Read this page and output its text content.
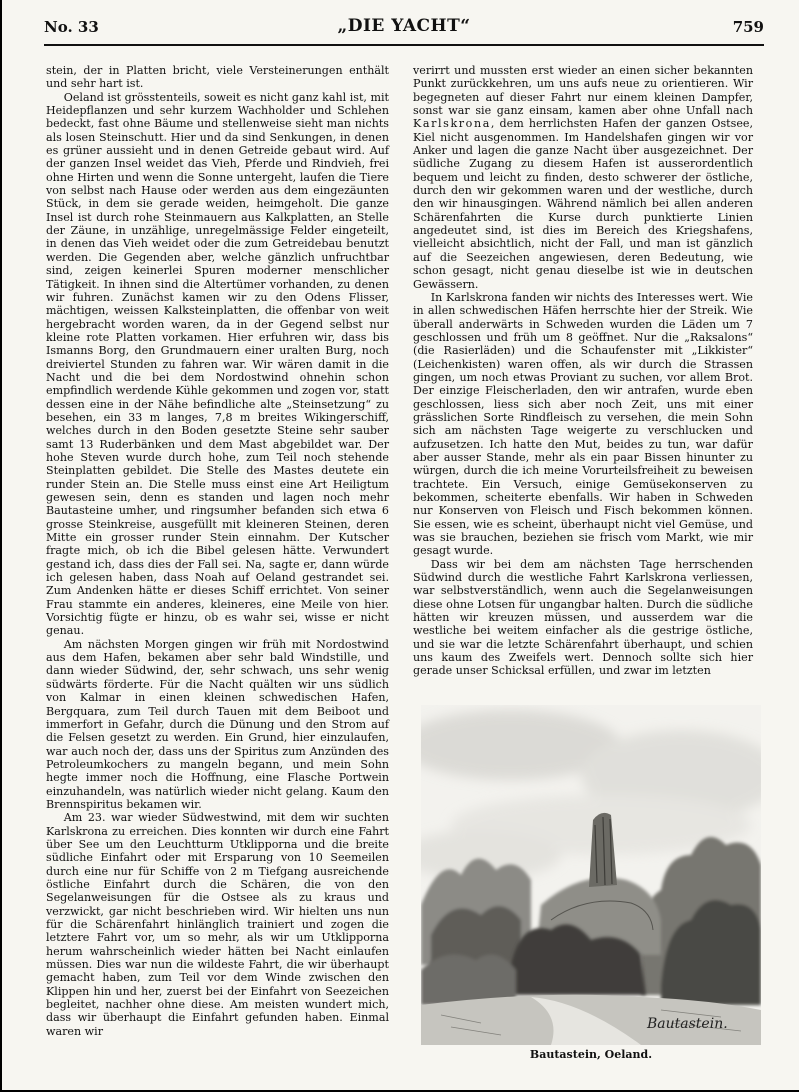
No. 33	„DIE YACHT“	759

stein, der in Platten bricht, viele Versteinerungen enthält und sehr hart ist.

Oeland ist grösstenteils, soweit es nicht ganz kahl ist, mit Heidepflanzen und sehr kurzem Wachholder und Schlehen bedeckt, fast ohne Bäume und stellenweise sieht man nichts als losen Steinschutt. Hier und da sind Senkungen, in denen es grüner aussieht und in denen Getreide gebaut wird. Auf der ganzen Insel weidet das Vieh, Pferde und Rindvieh, frei ohne Hirten und wenn die Sonne untergeht, laufen die Tiere von selbst nach Hause oder werden aus dem eingezäunten Stück, in dem sie gerade weiden, heimgeholt. Die ganze Insel ist durch rohe Steinmauern aus Kalkplatten, an Stelle der Zäune, in unzählige, unregelmässige Felder eingeteilt, in denen das Vieh weidet oder die zum Getreidebau benutzt werden. Die Gegenden aber, welche gänzlich unfruchtbar sind, zeigen keinerlei Spuren moderner menschlicher Tätigkeit. In ihnen sind die Altertümer vorhanden, zu denen wir fuhren. Zunächst kamen wir zu den Odens Flisser, mächtigen, weissen Kalksteinplatten, die offenbar von weit hergebracht worden waren, da in der Gegend selbst nur kleine rote Platten vorkamen. Hier erfuhren wir, dass bis Ismanns Borg, den Grundmauern einer uralten Burg, noch dreiviertel Stunden zu fahren war. Wir wären damit in die Nacht und die bei dem Nordostwind ohnehin schon empfindlich werdende Kühle gekommen und zogen vor, statt dessen eine in der Nähe befindliche alte „Steinsetzung“ zu besehen, ein 33 m langes, 7,8 m breites Wikingerschiff, welches durch in den Boden gesetzte Steine sehr sauber samt 13 Ruderbänken und dem Mast abgebildet war. Der hohe Steven wurde durch hohe, zum Teil noch stehende Steinplatten gebildet. Die Stelle des Mastes deutete ein runder Stein an. Die Stelle muss einst eine Art Heiligtum gewesen sein, denn es standen und lagen noch mehr Bautasteine umher, und ringsumher befanden sich etwa 6 grosse Steinkreise, ausgefüllt mit kleineren Steinen, deren Mitte ein grosser runder Stein einnahm. Der Kutscher fragte mich, ob ich die Bibel gelesen hätte. Verwundert gestand ich, dass dies der Fall sei. Na, sagte er, dann würde ich gelesen haben, dass Noah auf Oeland gestrandet sei. Zum Andenken hätte er dieses Schiff errichtet. Von seiner Frau stammte ein anderes, kleineres, eine Meile von hier. Vorsichtig fügte er hinzu, ob es wahr sei, wisse er nicht genau.

Am nächsten Morgen gingen wir früh mit Nordostwind aus dem Hafen, bekamen aber sehr bald Windstille, und dann wieder Südwind, der, sehr schwach, uns sehr wenig südwärts förderte. Für die Nacht quälten wir uns südlich von Kalmar in einen kleinen schwedischen Hafen, Bergquara, zum Teil durch Tauen mit dem Beiboot und immerfort in Gefahr, durch die Dünung und den Strom auf die Felsen gesetzt zu werden. Ein Grund, hier einzulaufen, war auch noch der, dass uns der Spiritus zum Anzünden des Petroleumkochers zu mangeln begann, und mein Sohn hegte immer noch die Hoffnung, eine Flasche Portwein einzuhandeln, was natürlich wieder nicht gelang. Kaum den Brennspiritus bekamen wir.

Am 23. war wieder Südwestwind, mit dem wir suchten Karlskrona zu erreichen. Dies konnten wir durch eine Fahrt über See um den Leuchtturm Utklipporna und die breite südliche Einfahrt oder mit Ersparung von 10 Seemeilen durch eine nur für Schiffe von 2 m Tiefgang ausreichende östliche Einfahrt durch die Schären, die von den Segelanweisungen für die Ostsee als zu kraus und verzwickt, gar nicht beschrieben wird. Wir hielten uns nun für die Schärenfahrt hinlänglich trainiert und zogen die letztere Fahrt vor, um so mehr, als wir um Utklipporna herum wahrscheinlich wieder hätten bei Nacht einlaufen müssen. Dies war nun die wildeste Fahrt, die wir überhaupt gemacht haben, zum Teil vor dem Winde zwischen den Klippen hin und her, zuerst bei der Einfahrt von Seezeichen begleitet, nachher ohne diese. Am meisten wundert mich, dass wir überhaupt die Einfahrt gefunden haben. Einmal waren wir

verirrt und mussten erst wieder an einen sicher bekannten Punkt zurückkehren, um uns aufs neue zu orientieren. Wir begegneten auf dieser Fahrt nur einem kleinen Dampfer, sonst war sie ganz einsam, kamen aber ohne Unfall nach Karlskrona, dem herrlichsten Hafen der ganzen Ostsee, Kiel nicht ausgenommen. Im Handelshafen gingen wir vor Anker und lagen die ganze Nacht über ausgezeichnet. Der südliche Zugang zu diesem Hafen ist ausserordentlich bequem und leicht zu finden, desto schwerer der östliche, durch den wir gekommen waren und der westliche, durch den wir hinausgingen. Während nämlich bei allen anderen Schärenfahrten die Kurse durch punktierte Linien angedeutet sind, ist dies im Bereich des Kriegshafens, vielleicht absichtlich, nicht der Fall, und man ist gänzlich auf die Seezeichen angewiesen, deren Bedeutung, wie schon gesagt, nicht genau dieselbe ist wie in deutschen Gewässern.

In Karlskrona fanden wir nichts des Interesses wert. Wie in allen schwedischen Häfen herrschte hier der Streik. Wie überall anderwärts in Schweden wurden die Läden um 7 geschlossen und früh um 8 geöffnet. Nur die „Raksalons“ (die Rasierläden) und die Schaufenster mit „Likkister“ (Leichenkisten) waren offen, als wir durch die Strassen gingen, um noch etwas Proviant zu suchen, vor allem Brot. Der einzige Fleischerladen, den wir antrafen, wurde eben geschlossen, liess sich aber noch Zeit, uns mit einer grässlichen Sorte Rindfleisch zu versehen, die mein Sohn sich am nächsten Tage weigerte zu verschlucken und aufzusetzen. Ich hatte den Mut, beides zu tun, war dafür aber ausser Stande, mehr als ein paar Bissen hinunter zu würgen, durch die ich meine Vorurteilsfreiheit zu beweisen trachtete. Ein Versuch, einige Gemüsekonserven zu bekommen, scheiterte ebenfalls. Wir haben in Schweden nur Konserven von Fleisch und Fisch bekommen können. Sie essen, wie es scheint, überhaupt nicht viel Gemüse, und was sie brauchen, beziehen sie frisch vom Markt, wie mir gesagt wurde.

Dass wir bei dem am nächsten Tage herrschenden Südwind durch die westliche Fahrt Karlskrona verliessen, war selbstverständlich, wenn auch die Segelanweisungen diese ohne Lotsen für ungangbar halten. Durch die südliche hätten wir kreuzen müssen, und ausserdem war die westliche bei weitem einfacher als die gestrige östliche, und sie war die letzte Schärenfahrt überhaupt, und schien uns kaum des Zweifels wert. Dennoch sollte sich hier gerade unser Schicksal erfüllen, und zwar im letzten

Bautastein.
Bautastein, Oeland.
